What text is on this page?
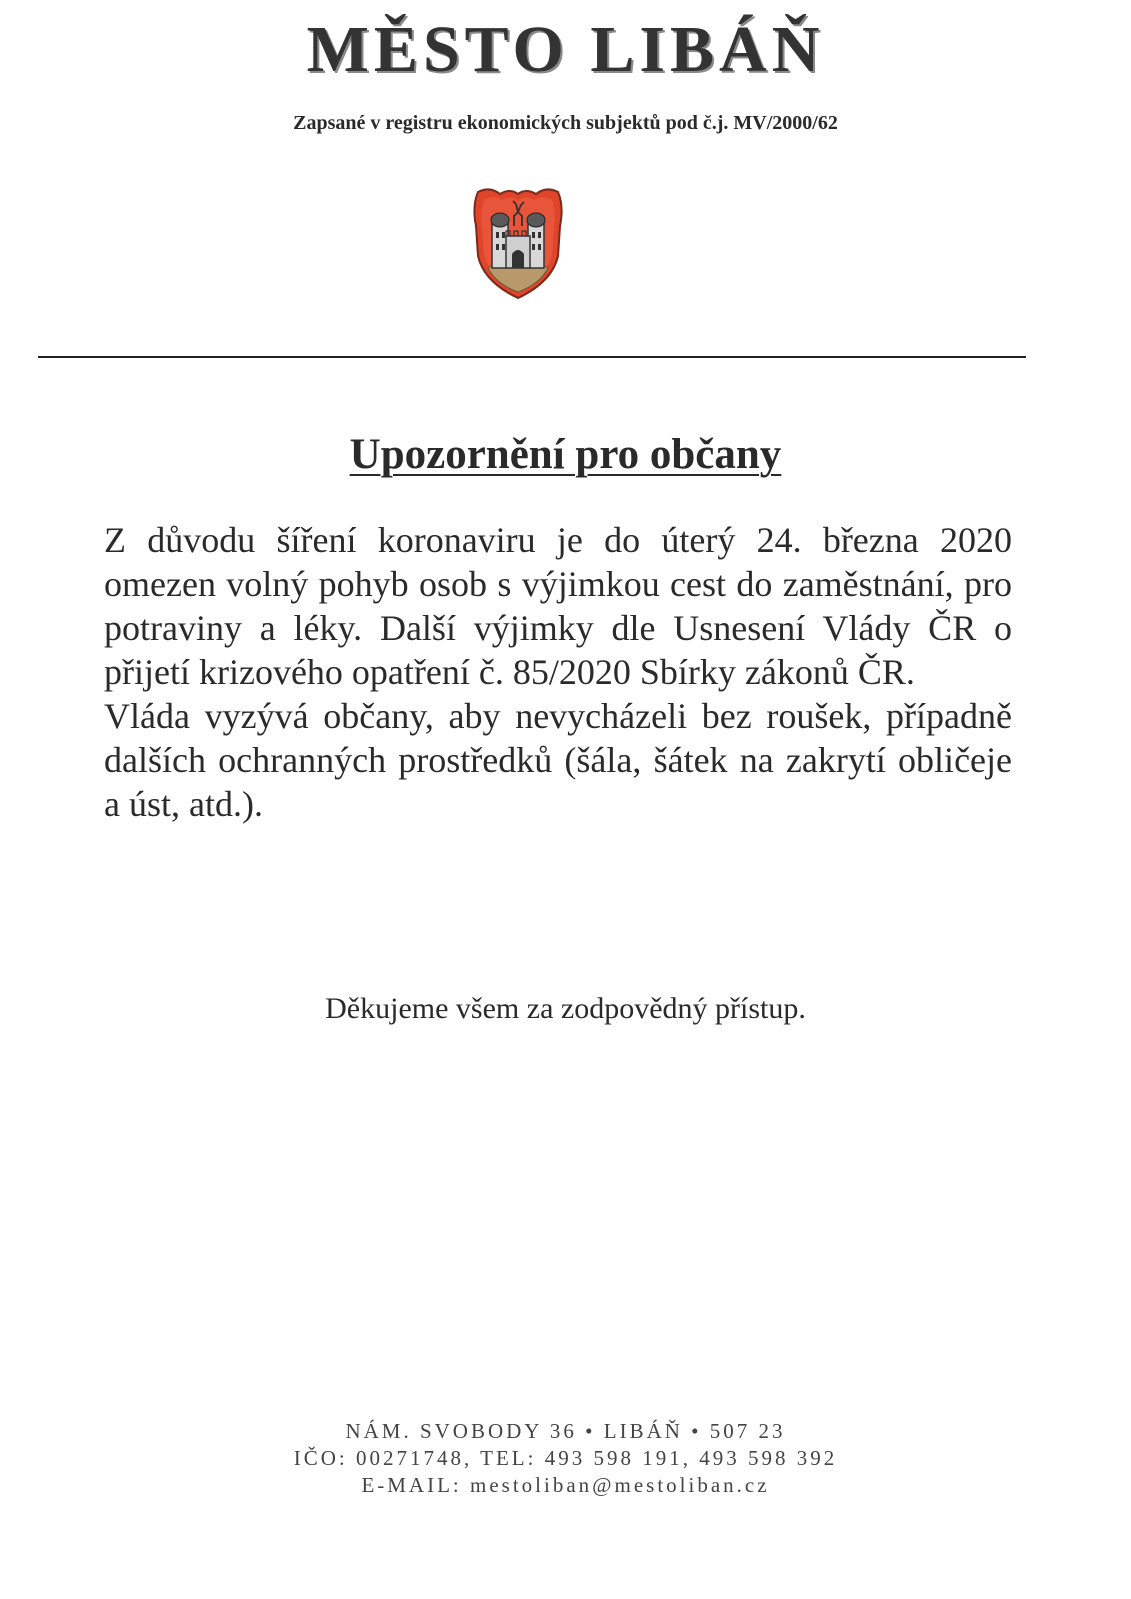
MĚSTO LIBÁŇ
Zapsané v registru ekonomických subjektů pod č.j. MV/2000/62
Upozornění pro občany

Z důvodu šíření koronaviru je do úterý 24. března 2020 omezen volný pohyb osob s výjimkou cest do zaměstnání, pro potraviny a léky. Další výjimky dle Usnesení Vlády ČR o přijetí krizového opatření č. 85/2020 Sbírky zákonů ČR.

Vláda vyzývá občany, aby nevycházeli bez roušek, případně dalších ochranných prostředků (šála, šátek na zakrytí obličeje a úst, atd.).

Děkujeme všem za zodpovědný přístup.
NÁM. SVOBODY 36 • LIBÁŇ • 507 23
IČO: 00271748, TEL: 493 598 191, 493 598 392
E-MAIL: mestoliban@mestoliban.cz
